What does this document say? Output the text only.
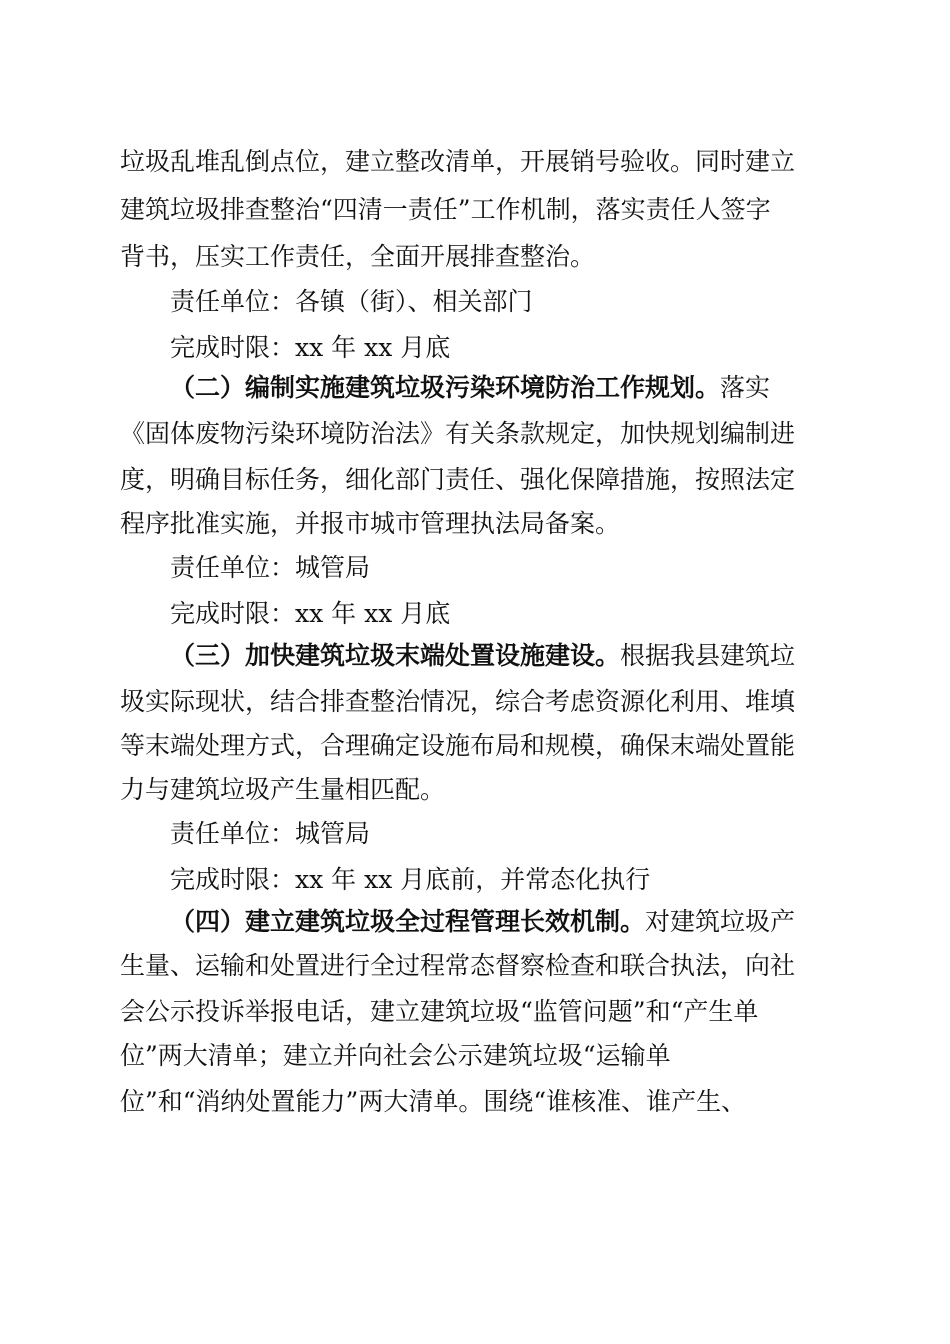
垃圾乱堆乱倒点位，建立整改清单，开展销号验收。同时建立
建筑垃圾排查整治“四清一责任”工作机制，落实责任人签字
背书，压实工作责任，全面开展排查整治。
责任单位：各镇（街）、相关部门
完成时限：xx 年 xx 月底
（二）编制实施建筑垃圾污染环境防治工作规划。落实
《固体废物污染环境防治法》有关条款规定，加快规划编制进
度，明确目标任务，细化部门责任、强化保障措施，按照法定
程序批准实施，并报市城市管理执法局备案。
责任单位：城管局
完成时限：xx 年 xx 月底
（三）加快建筑垃圾末端处置设施建设。根据我县建筑垃
圾实际现状，结合排查整治情况，综合考虑资源化利用、堆填
等末端处理方式，合理确定设施布局和规模，确保末端处置能
力与建筑垃圾产生量相匹配。
责任单位：城管局
完成时限：xx 年 xx 月底前，并常态化执行
（四）建立建筑垃圾全过程管理长效机制。对建筑垃圾产
生量、运输和处置进行全过程常态督察检查和联合执法，向社
会公示投诉举报电话，建立建筑垃圾“监管问题”和“产生单
位”两大清单；建立并向社会公示建筑垃圾“运输单
位”和“消纳处置能力”两大清单。围绕“谁核准、谁产生、
